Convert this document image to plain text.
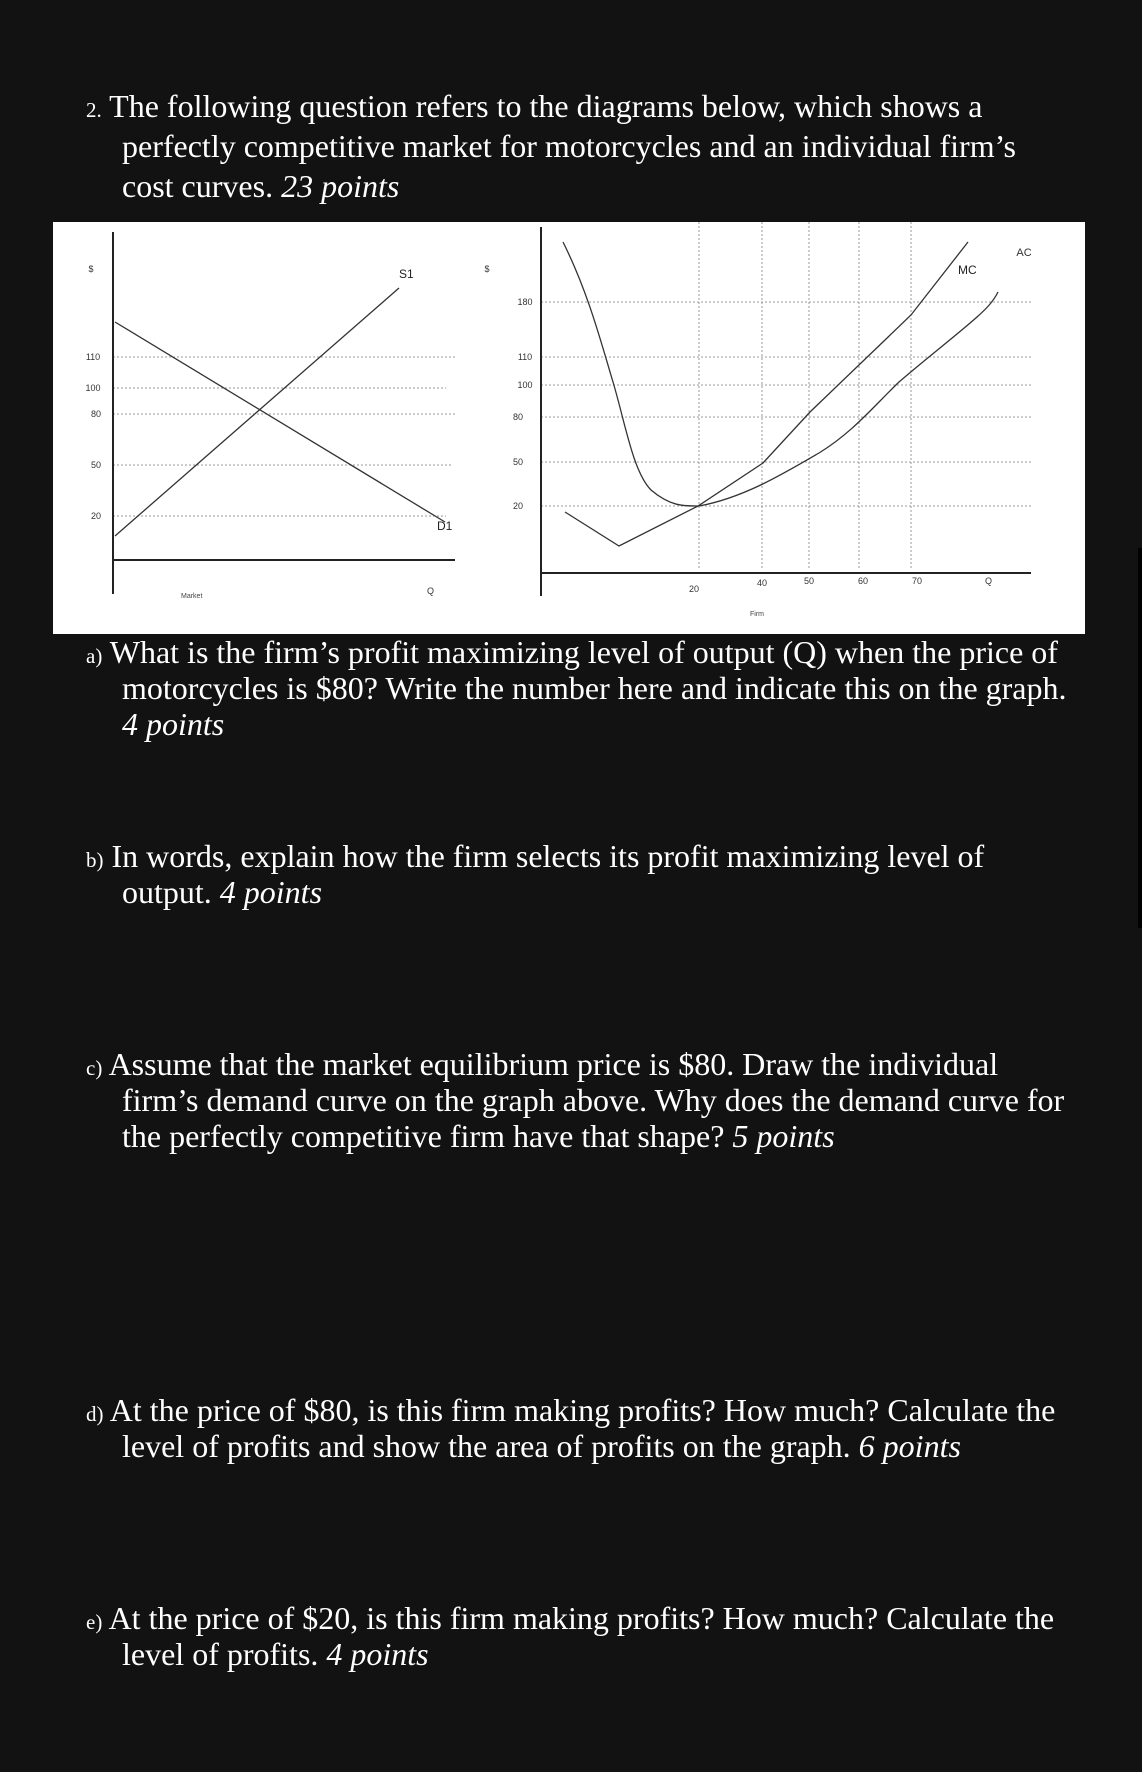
2. The following question refers to the diagrams below, which shows a
perfectly competitive market for motorcycles and an individual firm’s
cost curves. 23 points
$
110
100
80
50
20
S1
D1
Q
Market
$
180
110
100
80
50
20
20
40	50	60	70
MC
AC
Q
Firm
a) What is the firm’s profit maximizing level of output (Q) when the price of
motorcycles is $80? Write the number here and indicate this on the graph.
4 points
b) In words, explain how the firm selects its profit maximizing level of
output. 4 points
c) Assume that the market equilibrium price is $80. Draw the individual
firm’s demand curve on the graph above. Why does the demand curve for
the perfectly competitive firm have that shape? 5 points
d) At the price of $80, is this firm making profits? How much? Calculate the
level of profits and show the area of profits on the graph. 6 points
e) At the price of $20, is this firm making profits? How much? Calculate the
level of profits. 4 points
